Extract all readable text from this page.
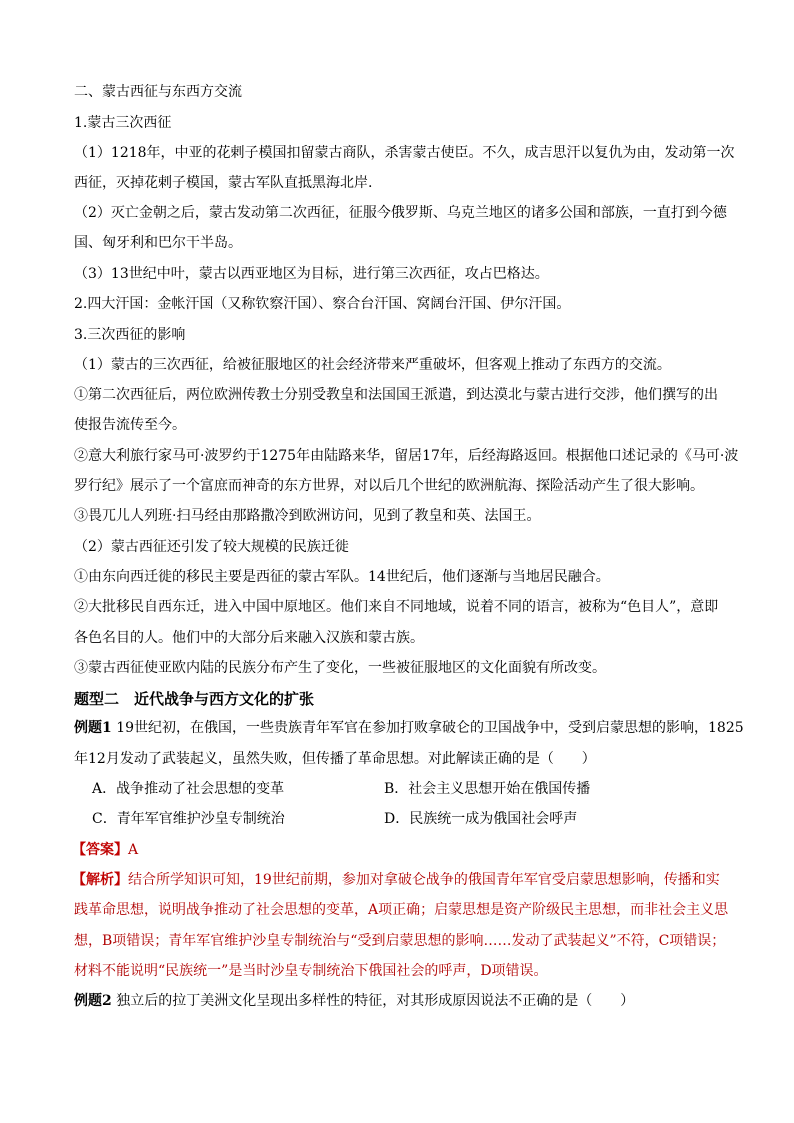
二、蒙古西征与东西方交流
1.蒙古三次西征
（1）1218年，中亚的花剌子模国扣留蒙古商队，杀害蒙古使臣。不久，成吉思汗以复仇为由，发动第一次
西征，灭掉花剌子模国，蒙古军队直抵黑海北岸.
（2）灭亡金朝之后，蒙古发动第二次西征，征服今俄罗斯、乌克兰地区的诸多公国和部族，一直打到今德
国、匈牙利和巴尔干半岛。
（3）13世纪中叶，蒙古以西亚地区为目标，进行第三次西征，攻占巴格达。
2.四大汗国：金帐汗国（又称钦察汗国）、察合台汗国、窝阔台汗国、伊尔汗国。
3.三次西征的影响
（1）蒙古的三次西征，给被征服地区的社会经济带来严重破坏，但客观上推动了东西方的交流。
①第二次西征后，两位欧洲传教士分别受教皇和法国国王派遣，到达漠北与蒙古进行交涉，他们撰写的出
使报告流传至今。
②意大利旅行家马可·波罗约于1275年由陆路来华，留居17年，后经海路返回。根据他口述记录的《马可·波
罗行纪》展示了一个富庶而神奇的东方世界，对以后几个世纪的欧洲航海、探险活动产生了很大影响。
③畏兀儿人列班·扫马经由那路撒冷到欧洲访问，见到了教皇和英、法国王。
（2）蒙古西征还引发了较大规模的民族迁徙
①由东向西迁徙的移民主要是西征的蒙古军队。14世纪后，他们逐渐与当地居民融合。
②大批移民自西东迁，进入中国中原地区。他们来自不同地域，说着不同的语言，被称为“色目人”，意即
各色名目的人。他们中的大部分后来融入汉族和蒙古族。
③蒙古西征使亚欧内陆的民族分布产生了变化，一些被征服地区的文化面貌有所改变。
题型二　近代战争与西方文化的扩张
例题1 19世纪初，在俄国，一些贵族青年军官在参加打败拿破仑的卫国战争中，受到启蒙思想的影响，1825
年12月发动了武装起义，虽然失败，但传播了革命思想。对此解读正确的是（　　）
A．战争推动了社会思想的变革	B．社会主义思想开始在俄国传播
C．青年军官维护沙皇专制统治	D．民族统一成为俄国社会呼声
【答案】A
【解析】结合所学知识可知，19世纪前期，参加对拿破仑战争的俄国青年军官受启蒙思想影响，传播和实
践革命思想，说明战争推动了社会思想的变革，A项正确；启蒙思想是资产阶级民主思想，而非社会主义思
想，B项错误；青年军官维护沙皇专制统治与“受到启蒙思想的影响……发动了武装起义”不符，C项错误；
材料不能说明“民族统一”是当时沙皇专制统治下俄国社会的呼声，D项错误。
例题2 独立后的拉丁美洲文化呈现出多样性的特征，对其形成原因说法不正确的是（　　）
